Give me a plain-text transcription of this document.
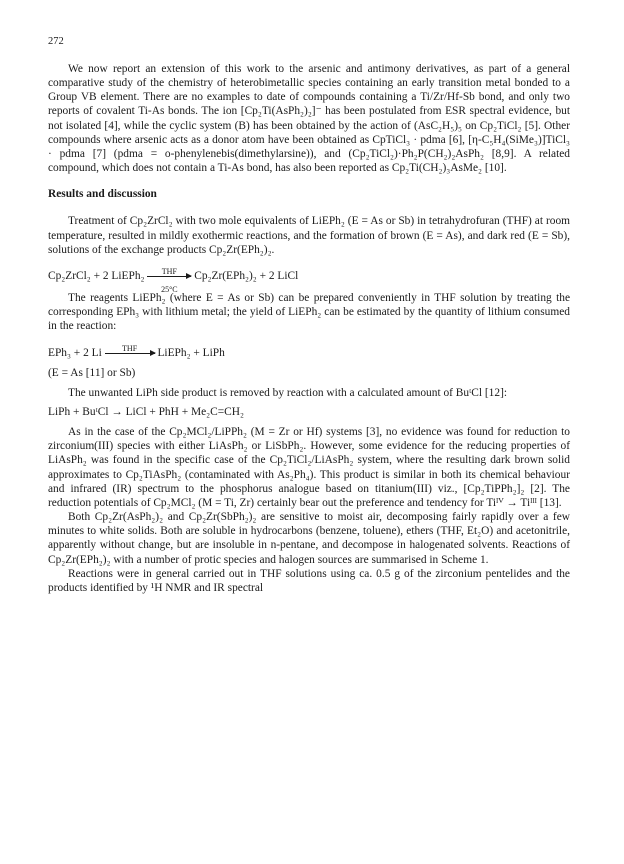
272

We now report an extension of this work to the arsenic and antimony derivatives, as part of a general comparative study of the chemistry of heterobimetallic species containing an early transition metal bonded to a Group VB element. There are no examples to date of compounds containing a Ti/Zr/Hf-Sb bond, and only two reports of covalent Ti-As bonds. The ion [Cp₂Ti(AsPh₂)₂]⁻ has been postulated from ESR spectral evidence, but not isolated [4], while the cyclic system (B) has been obtained by the action of (AsC₂H₅)₅ on Cp₂TiCl₂ [5]. Other compounds where arsenic acts as a donor atom have been obtained as CpTiCl₃ · pdma [6], [η-C₅H₄(SiMe₃)]TiCl₃ · pdma [7] (pdma = o-phenylenebis(dimethylarsine)), and (Cp₂TiCl₂)·Ph₂P(CH₂)₂AsPh₂ [8,9]. A related compound, which does not contain a Ti-As bond, has also been reported as Cp₂Ti(CH₂)₃AsMe₂ [10].

Results and discussion

Treatment of Cp₂ZrCl₂ with two mole equivalents of LiEPh₂ (E = As or Sb) in tetrahydrofuran (THF) at room temperature, resulted in mildly exothermic reactions, and the formation of brown (E = As), and dark red (E = Sb), solutions of the exchange products Cp₂Zr(EPh₂)₂.

Cp₂ZrCl₂ + 2 LiEPh₂	THF
25°C
Cp₂Zr(EPh₂)₂ + 2 LiCl

The reagents LiEPh₂ (where E = As or Sb) can be prepared conveniently in THF solution by treating the corresponding EPh₃ with lithium metal; the yield of LiEPh₂ can be estimated by the quantity of lithium consumed in the reaction:

EPh₃ + 2 Li	THF	LiEPh₂ + LiPh
(E = As [11] or Sb)

The unwanted LiPh side product is removed by reaction with a calculated amount of BuᵗCl [12]:

LiPh + BuᵗCl → LiCl + PhH + Me₂C=CH₂

As in the case of the Cp₂MCl₂/LiPPh₂ (M = Zr or Hf) systems [3], no evidence was found for reduction to zirconium(III) species with either LiAsPh₂ or LiSbPh₂. However, some evidence for the reducing properties of LiAsPh₂ was found in the specific case of the Cp₂TiCl₂/LiAsPh₂ system, where the resulting dark brown solid approximates to Cp₂TiAsPh₂ (contaminated with As₂Ph₄). This product is similar in both its chemical behaviour and infrared (IR) spectrum to the phosphorus analogue based on titanium(III) viz., [Cp₂TiPPh₂]₂ [2]. The reduction potentials of Cp₂MCl₂ (M = Ti, Zr) certainly bear out the preference and tendency for Tiᴵⱽ → Tiᴵᴵᴵ [13].

Both Cp₂Zr(AsPh₂)₂ and Cp₂Zr(SbPh₂)₂ are sensitive to moist air, decomposing fairly rapidly over a few minutes to white solids. Both are soluble in hydrocarbons (benzene, toluene), ethers (THF, Et₂O) and acetonitrile, apparently without change, but are insoluble in n-pentane, and decompose in halogenated solvents. Reactions of Cp₂Zr(EPh₂)₂ with a number of protic species and halogen sources are summarised in Scheme 1.

Reactions were in general carried out in THF solutions using ca. 0.5 g of the zirconium pentelides and the products identified by ¹H NMR and IR spectral
